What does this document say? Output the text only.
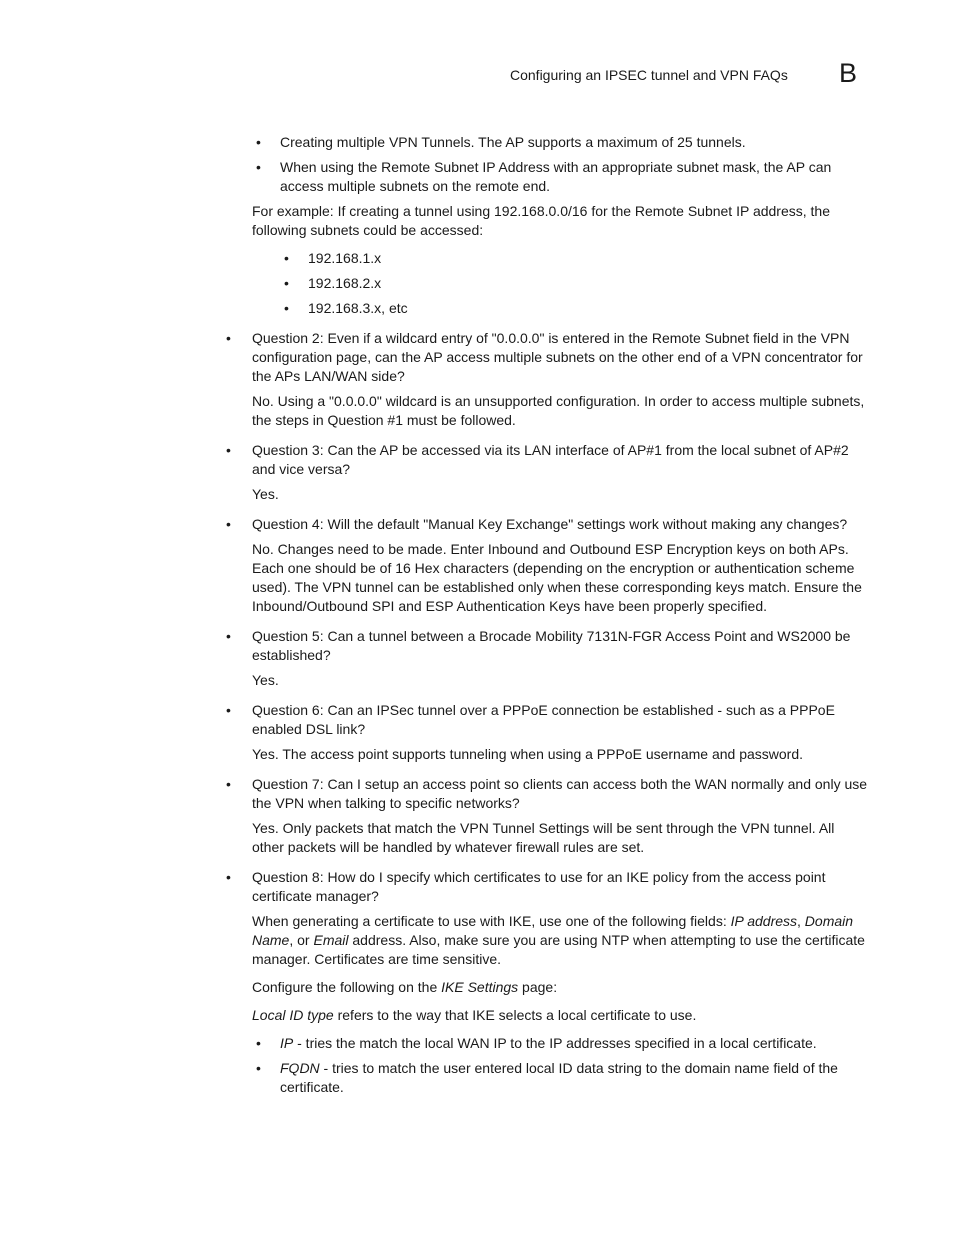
Configuring an IPSEC tunnel and VPN FAQs B
• Creating multiple VPN Tunnels. The AP supports a maximum of 25 tunnels.
• When using the Remote Subnet IP Address with an appropriate subnet mask, the AP can access multiple subnets on the remote end.
For example: If creating a tunnel using 192.168.0.0/16 for the Remote Subnet IP address, the following subnets could be accessed:
• 192.168.1.x
• 192.168.2.x
• 192.168.3.x, etc
• Question 2: Even if a wildcard entry of "0.0.0.0" is entered in the Remote Subnet field in the VPN configuration page, can the AP access multiple subnets on the other end of a VPN concentrator for the APs LAN/WAN side?
No. Using a "0.0.0.0" wildcard is an unsupported configuration. In order to access multiple subnets, the steps in Question #1 must be followed.
• Question 3: Can the AP be accessed via its LAN interface of AP#1 from the local subnet of AP#2 and vice versa?
Yes.
• Question 4: Will the default "Manual Key Exchange" settings work without making any changes?
No. Changes need to be made. Enter Inbound and Outbound ESP Encryption keys on both APs. Each one should be of 16 Hex characters (depending on the encryption or authentication scheme used). The VPN tunnel can be established only when these corresponding keys match. Ensure the Inbound/Outbound SPI and ESP Authentication Keys have been properly specified.
• Question 5: Can a tunnel between a Brocade Mobility 7131N-FGR Access Point and WS2000 be established?
Yes.
• Question 6: Can an IPSec tunnel over a PPPoE connection be established - such as a PPPoE enabled DSL link?
Yes. The access point supports tunneling when using a PPPoE username and password.
• Question 7: Can I setup an access point so clients can access both the WAN normally and only use the VPN when talking to specific networks?
Yes. Only packets that match the VPN Tunnel Settings will be sent through the VPN tunnel. All other packets will be handled by whatever firewall rules are set.
• Question 8: How do I specify which certificates to use for an IKE policy from the access point certificate manager?
When generating a certificate to use with IKE, use one of the following fields: IP address, Domain Name, or Email address. Also, make sure you are using NTP when attempting to use the certificate manager. Certificates are time sensitive.
Configure the following on the IKE Settings page:
Local ID type refers to the way that IKE selects a local certificate to use.
• IP - tries the match the local WAN IP to the IP addresses specified in a local certificate.
• FQDN - tries to match the user entered local ID data string to the domain name field of the certificate.
